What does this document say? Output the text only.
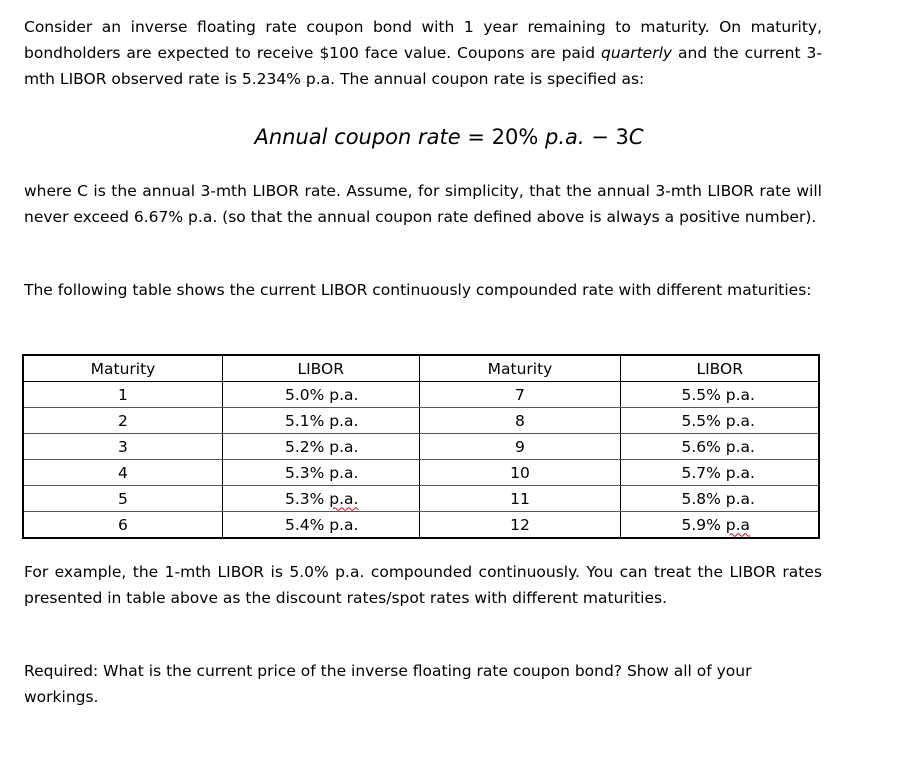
Consider an inverse floating rate coupon bond with 1 year remaining to maturity. On maturity, bondholders are expected to receive $100 face value. Coupons are paid quarterly and the current 3-mth LIBOR observed rate is 5.234% p.a. The annual coupon rate is specified as:

Annual coupon rate = 20% p.a. − 3C

where C is the annual 3-mth LIBOR rate. Assume, for simplicity, that the annual 3-mth LIBOR rate will never exceed 6.67% p.a. (so that the annual coupon rate defined above is always a positive number).

The following table shows the current LIBOR continuously compounded rate with different maturities:

Maturity	LIBOR	Maturity	LIBOR
1	5.0% p.a.	7	5.5% p.a.
2	5.1% p.a.	8	5.5% p.a.
3	5.2% p.a.	9	5.6% p.a.
4	5.3% p.a.	10	5.7% p.a.
5	5.3% p.a.	11	5.8% p.a.
6	5.4% p.a.	12	5.9% p.a

For example, the 1-mth LIBOR is 5.0% p.a. compounded continuously. You can treat the LIBOR rates presented in table above as the discount rates/spot rates with different maturities.

Required: What is the current price of the inverse floating rate coupon bond? Show all of your workings.
